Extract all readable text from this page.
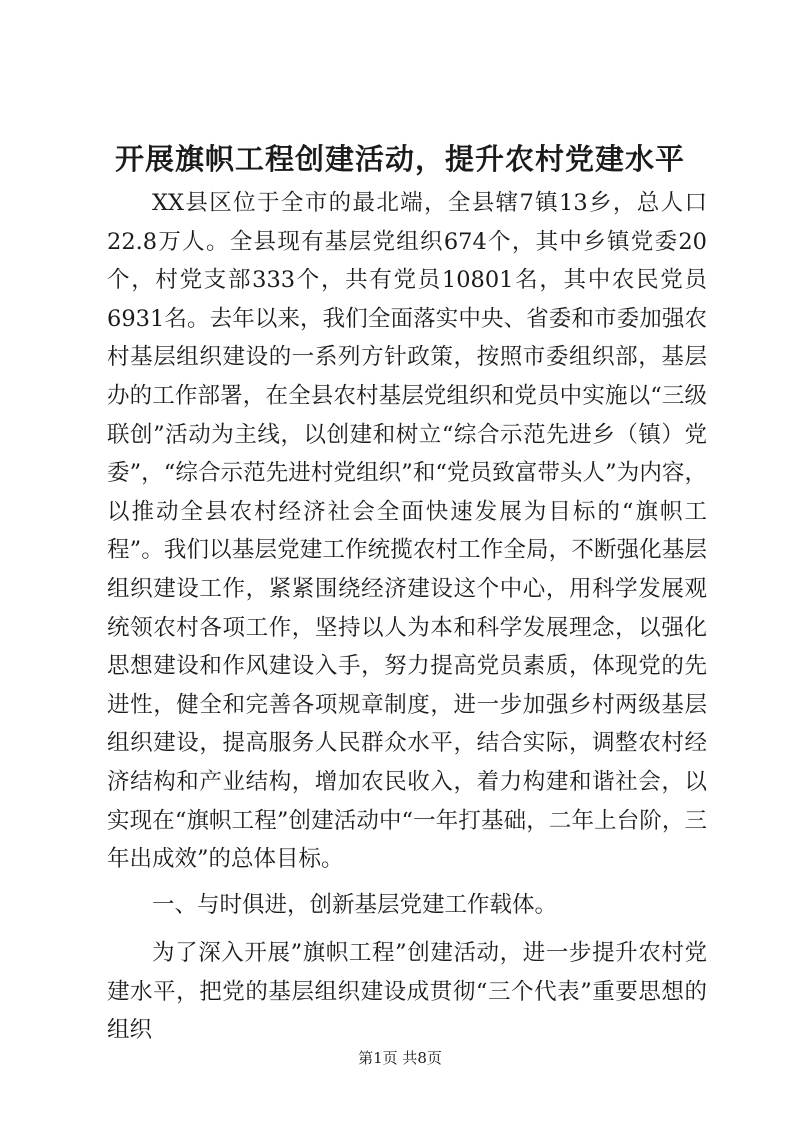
开展旗帜工程创建活动，提升农村党建水平

XX县区位于全市的最北端，全县辖7镇13乡，总人口22.8万人。全县现有基层党组织674个，其中乡镇党委20个，村党支部333个，共有党员10801名，其中农民党员6931名。去年以来，我们全面落实中央、省委和市委加强农村基层组织建设的一系列方针政策，按照市委组织部，基层办的工作部署，在全县农村基层党组织和党员中实施以“三级联创”活动为主线，以创建和树立“综合示范先进乡（镇）党委”，“综合示范先进村党组织”和“党员致富带头人”为内容，以推动全县农村经济社会全面快速发展为目标的“旗帜工程”。我们以基层党建工作统揽农村工作全局，不断强化基层组织建设工作，紧紧围绕经济建设这个中心，用科学发展观统领农村各项工作，坚持以人为本和科学发展理念，以强化思想建设和作风建设入手，努力提高党员素质，体现党的先进性，健全和完善各项规章制度，进一步加强乡村两级基层组织建设，提高服务人民群众水平，结合实际，调整农村经济结构和产业结构，增加农民收入，着力构建和谐社会，以实现在“旗帜工程”创建活动中“一年打基础，二年上台阶，三年出成效”的总体目标。

一、与时俱进，创新基层党建工作载体。

为了深入开展”旗帜工程”创建活动，进一步提升农村党建水平，把党的基层组织建设成贯彻“三个代表”重要思想的组织

第1页 共8页
